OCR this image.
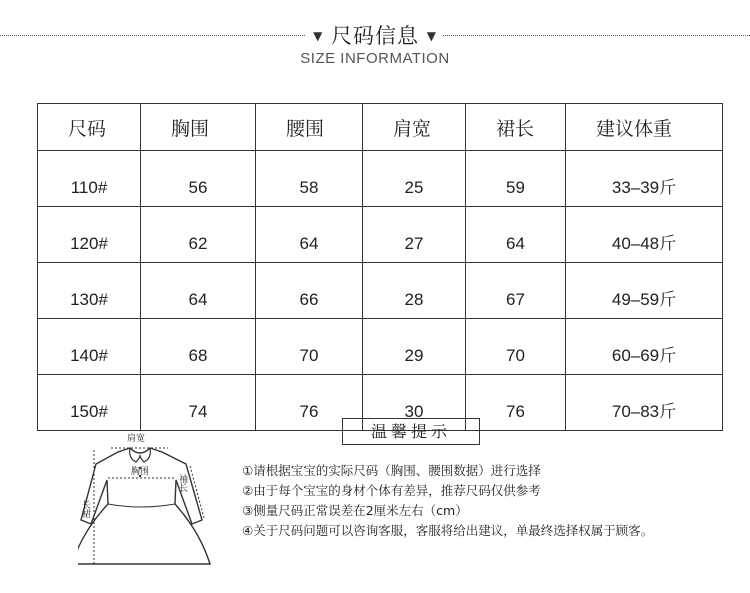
▼ 尺码信息 ▼
SIZE INFORMATION
尺码	胸围	腰围	肩宽	裙长	建议体重
110#	56	58	25	59	33–39斤
120#	62	64	27	64	40–48斤
130#	64	66	28	67	49–59斤
140#	68	70	29	70	60–69斤
150#	74	76	30	76	70–83斤
肩宽
胸围
长裙
袖长
温馨提示
①请根据宝宝的实际尺码（胸围、腰围数据）进行选择
②由于每个宝宝的身材个体有差异，推荐尺码仅供参考
③侧量尺码正常误差在2厘米左右（cm）
④关于尺码问题可以咨询客服，客服将给出建议，单最终选择权属于顾客。
